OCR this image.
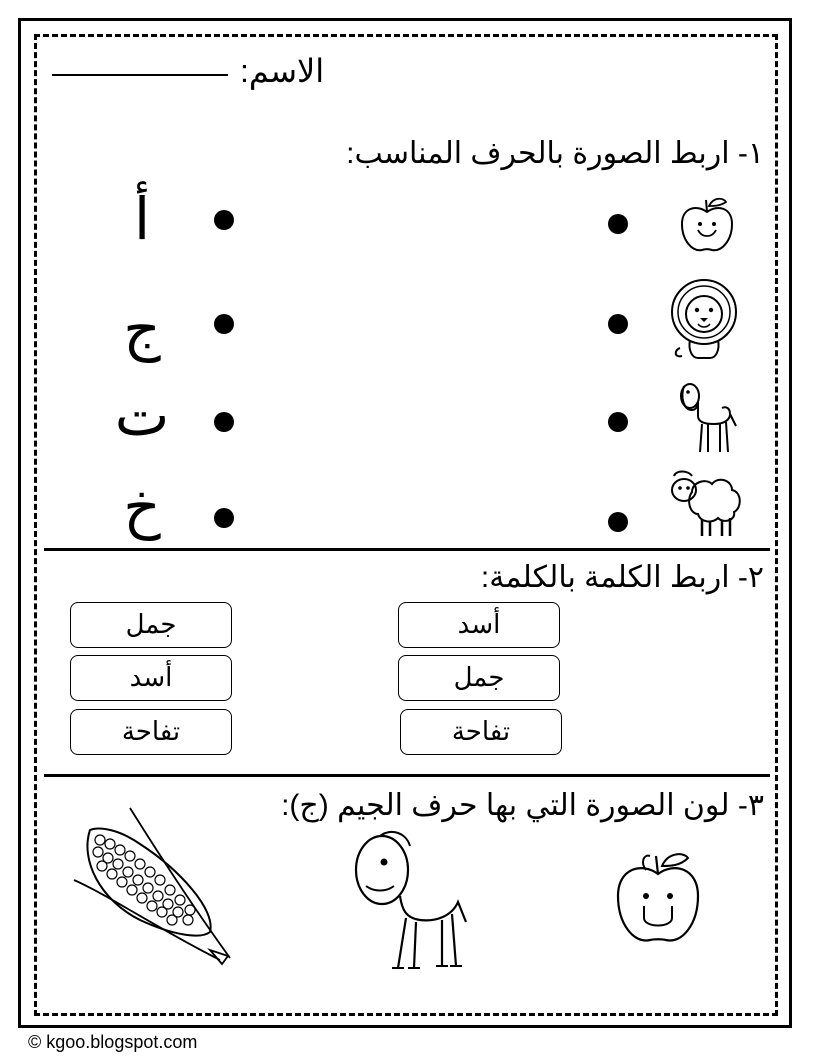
الاسم:
١- اربط الصورة بالحرف المناسب:
أ
ج
ت
خ
٢- اربط الكلمة بالكلمة:
أسد
جمل
تفاحة
جمل
أسد
تفاحة
٣- لون الصورة التي بها حرف الجيم (ج):
© kgoo.blogspot.com
